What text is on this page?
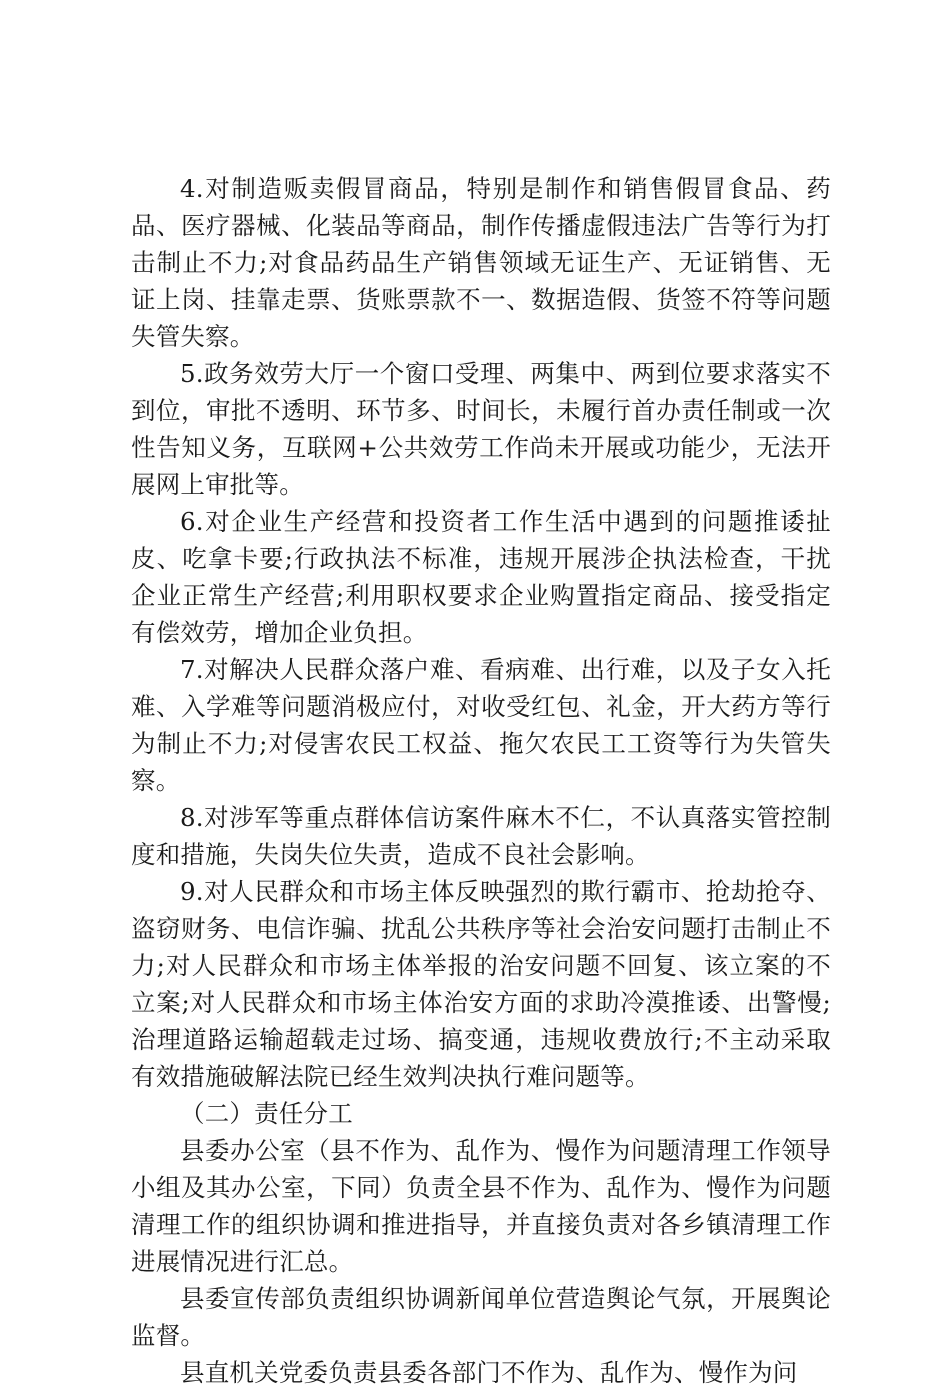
4.对制造贩卖假冒商品，特别是制作和销售假冒食品、药品、医疗器械、化装品等商品，制作传播虚假违法广告等行为打击制止不力;对食品药品生产销售领域无证生产、无证销售、无证上岗、挂靠走票、货账票款不一、数据造假、货签不符等问题失管失察。

5.政务效劳大厅一个窗口受理、两集中、两到位要求落实不到位，审批不透明、环节多、时间长，未履行首办责任制或一次性告知义务，互联网+公共效劳工作尚未开展或功能少，无法开展网上审批等。

6.对企业生产经营和投资者工作生活中遇到的问题推诿扯皮、吃拿卡要;行政执法不标准，违规开展涉企执法检查，干扰企业正常生产经营;利用职权要求企业购置指定商品、接受指定有偿效劳，增加企业负担。

7.对解决人民群众落户难、看病难、出行难，以及子女入托难、入学难等问题消极应付，对收受红包、礼金，开大药方等行为制止不力;对侵害农民工权益、拖欠农民工工资等行为失管失察。

8.对涉军等重点群体信访案件麻木不仁，不认真落实管控制度和措施，失岗失位失责，造成不良社会影响。

9.对人民群众和市场主体反映强烈的欺行霸市、抢劫抢夺、盗窃财务、电信诈骗、扰乱公共秩序等社会治安问题打击制止不力;对人民群众和市场主体举报的治安问题不回复、该立案的不立案;对人民群众和市场主体治安方面的求助冷漠推诿、出警慢;治理道路运输超载走过场、搞变通，违规收费放行;不主动采取有效措施破解法院已经生效判决执行难问题等。

（二）责任分工

县委办公室（县不作为、乱作为、慢作为问题清理工作领导小组及其办公室，下同）负责全县不作为、乱作为、慢作为问题清理工作的组织协调和推进指导，并直接负责对各乡镇清理工作进展情况进行汇总。

县委宣传部负责组织协调新闻单位营造舆论气氛，开展舆论监督。

县直机关党委负责县委各部门不作为、乱作为、慢作为问
